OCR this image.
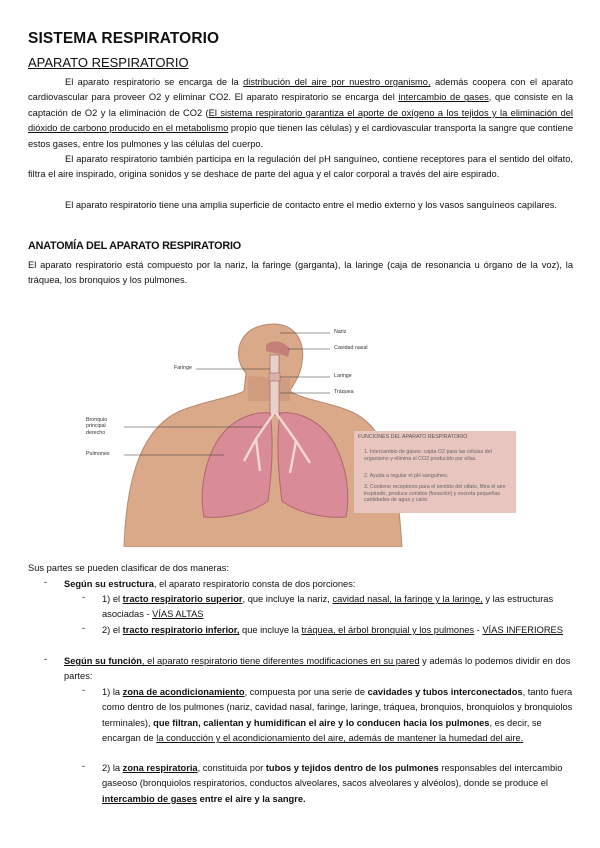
SISTEMA RESPIRATORIO
APARATO RESPIRATORIO
El aparato respiratorio se encarga de la distribución del aire por nuestro organismo, además coopera con el aparato cardiovascular para proveer O2 y eliminar CO2. El aparato respiratorio se encarga del intercambio de gases, que consiste en la captación de O2 y la eliminación de CO2 (El sistema respiratorio garantiza el aporte de oxígeno a los tejidos y la eliminación del dióxido de carbono producido en el metabolismo propio que tienen las células) y el cardiovascular transporta la sangre que contiene estos gases, entre los pulmones y las células del cuerpo.
El aparato respiratorio también participa en la regulación del pH sanguíneo, contiene receptores para el sentido del olfato, filtra el aire inspirado, origina sonidos y se deshace de parte del agua y el calor corporal a través del aire espirado.
El aparato respiratorio tiene una amplia superficie de contacto entre el medio externo y los vasos sanguíneos capilares.
ANATOMÍA DEL APARATO RESPIRATORIO
El aparato respiratorio está compuesto por la nariz, la faringe (garganta), la laringe (caja de resonancia u órgano de la voz), la tráquea, los bronquios y los pulmones.
Nariz
Cavidad nasal
Faringe
Laringe
Tráquea
Bronquio principal derecho
Pulmones
FUNCIONES DEL APARATO RESPIRATORIO
1. Intercambio de gases: capta O2 para las células del organismo y elimina el CO2 producido por ellas.
2. Ayuda a regular el pH sanguíneo.
3. Contiene receptores para el sentido del olfato, filtra el aire inspirado, produce sonidos (fonación) y excreta pequeñas cantidades de agua y calor.
Sus partes se pueden clasificar de dos maneras:
- Según su estructura, el aparato respiratorio consta de dos porciones:
- 1) el tracto respiratorio superior, que incluye la nariz, cavidad nasal, la faringe y la laringe, y las estructuras asociadas - VÍAS ALTAS
- 2) el tracto respiratorio inferior, que incluye la tráquea, el árbol bronquial y los pulmones - VÍAS INFERIORES
- Según su función, el aparato respiratorio tiene diferentes modificaciones en su pared y además lo podemos dividir en dos partes:
- 1) la zona de acondicionamiento, compuesta por una serie de cavidades y tubos interconectados, tanto fuera como dentro de los pulmones (nariz, cavidad nasal, faringe, laringe, tráquea, bronquios, bronquiolos y bronquiolos terminales), que filtran, calientan y humidifican el aire y lo conducen hacia los pulmones, es decir, se encargan de la conducción y el acondicionamiento del aire, además de mantener la humedad del aire.
- 2) la zona respiratoria, constituida por tubos y tejidos dentro de los pulmones responsables del intercambio gaseoso (bronquiolos respiratorios, conductos alveolares, sacos alveolares y alvéolos), donde se produce el intercambio de gases entre el aire y la sangre.
